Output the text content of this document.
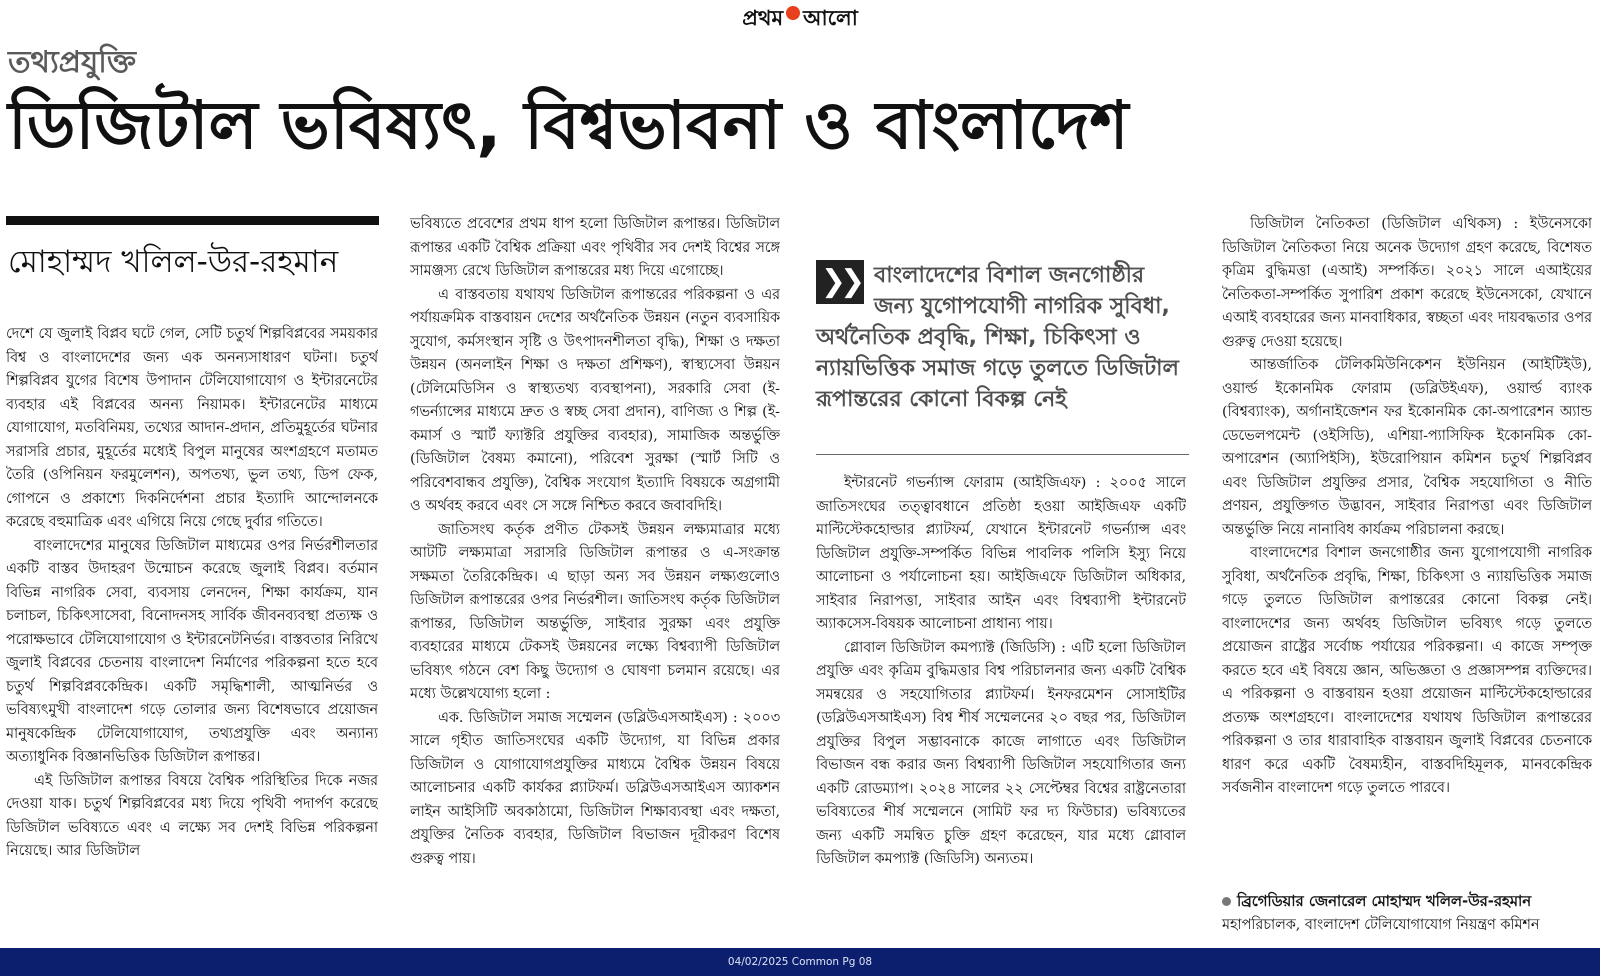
প্রথম আলো
তথ্যপ্রযুক্তি
ডিজিটাল ভবিষ্যৎ, বিশ্বভাবনা ও বাংলাদেশ
মোহাম্মদ খলিল-উর-রহমান

দেশে যে জুলাই বিপ্লব ঘটে গেল, সেটি চতুর্থ শিল্পবিপ্লবের সময়কার বিশ্ব ও বাংলাদেশের জন্য এক অনন্যসাধারণ ঘটনা। চতুর্থ শিল্পবিপ্লব যুগের বিশেষ উপাদান টেলিযোগাযোগ ও ইন্টারনেটের ব্যবহার এই বিপ্লবের অনন্য নিয়ামক। ইন্টারনেটের মাধ্যমে যোগাযোগ, মতবিনিময়, তথ্যের আদান-প্রদান, প্রতিমুহূর্তের ঘটনার সরাসরি প্রচার, মুহূর্তের মধ্যেই বিপুল মানুষের অংশগ্রহণে মতামত তৈরি (ওপিনিয়ন ফরমুলেশন), অপতথ্য, ভুল তথ্য, ডিপ ফেক, গোপনে ও প্রকাশ্যে দিকনির্দেশনা প্রচার ইত্যাদি আন্দোলনকে করেছে বহুমাত্রিক এবং এগিয়ে নিয়ে গেছে দুর্বার গতিতে।

বাংলাদেশের মানুষের ডিজিটাল মাধ্যমের ওপর নির্ভরশীলতার একটি বাস্তব উদাহরণ উন্মোচন করেছে জুলাই বিপ্লব। বর্তমান বিভিন্ন নাগরিক সেবা, ব্যবসায় লেনদেন, শিক্ষা কার্যক্রম, যান চলাচল, চিকিৎসাসেবা, বিনোদনসহ সার্বিক জীবনব্যবস্থা প্রত্যক্ষ ও পরোক্ষভাবে টেলিযোগাযোগ ও ইন্টারনেটনির্ভর। বাস্তবতার নিরিখে জুলাই বিপ্লবের চেতনায় বাংলাদেশ নির্মাণের পরিকল্পনা হতে হবে চতুর্থ শিল্পবিপ্লবকেন্দ্রিক। একটি সমৃদ্ধিশালী, আত্মনির্ভর ও ভবিষ্যৎমুখী বাংলাদেশ গড়ে তোলার জন্য বিশেষভাবে প্রয়োজন মানুষকেন্দ্রিক টেলিযোগাযোগ, তথ্যপ্রযুক্তি এবং অন্যান্য অত্যাধুনিক বিজ্ঞানভিত্তিক ডিজিটাল রূপান্তর।

এই ডিজিটাল রূপান্তর বিষয়ে বৈশ্বিক পরিস্থিতির দিকে নজর দেওয়া যাক। চতুর্থ শিল্পবিপ্লবের মধ্য দিয়ে পৃথিবী পদার্পণ করেছে ডিজিটাল ভবিষ্যতে এবং এ লক্ষ্যে সব দেশই বিভিন্ন পরিকল্পনা নিয়েছে। আর ডিজিটাল

ভবিষ্যতে প্রবেশের প্রথম ধাপ হলো ডিজিটাল রূপান্তর। ডিজিটাল রূপান্তর একটি বৈশ্বিক প্রক্রিয়া এবং পৃথিবীর সব দেশই বিশ্বের সঙ্গে সামঞ্জস্য রেখে ডিজিটাল রূপান্তরের মধ্য দিয়ে এগোচ্ছে।

এ বাস্তবতায় যথাযথ ডিজিটাল রূপান্তরের পরিকল্পনা ও এর পর্যায়ক্রমিক বাস্তবায়ন দেশের অর্থনৈতিক উন্নয়ন (নতুন ব্যবসায়িক সুযোগ, কর্মসংস্থান সৃষ্টি ও উৎপাদনশীলতা বৃদ্ধি), শিক্ষা ও দক্ষতা উন্নয়ন (অনলাইন শিক্ষা ও দক্ষতা প্রশিক্ষণ), স্বাস্থ্যসেবা উন্নয়ন (টেলিমেডিসিন ও স্বাস্থ্যতথ্য ব্যবস্থাপনা), সরকারি সেবা (ই-গভর্ন্যান্সের মাধ্যমে দ্রুত ও স্বচ্ছ সেবা প্রদান), বাণিজ্য ও শিল্প (ই-কমার্স ও স্মার্ট ফ্যাক্টরি প্রযুক্তির ব্যবহার), সামাজিক অন্তর্ভুক্তি (ডিজিটাল বৈষম্য কমানো), পরিবেশ সুরক্ষা (স্মার্ট সিটি ও পরিবেশবান্ধব প্রযুক্তি), বৈশ্বিক সংযোগ ইত্যাদি বিষয়কে অগ্রগামী ও অর্থবহ করবে এবং সে সঙ্গে নিশ্চিত করবে জবাবদিহি।

জাতিসংঘ কর্তৃক প্রণীত টেকসই উন্নয়ন লক্ষ্যমাত্রার মধ্যে আটটি লক্ষ্যমাত্রা সরাসরি ডিজিটাল রূপান্তর ও এ-সংক্রান্ত সক্ষমতা তৈরিকেন্দ্রিক। এ ছাড়া অন্য সব উন্নয়ন লক্ষ্যগুলোও ডিজিটাল রূপান্তরের ওপর নির্ভরশীল। জাতিসংঘ কর্তৃক ডিজিটাল রূপান্তর, ডিজিটাল অন্তর্ভুক্তি, সাইবার সুরক্ষা এবং প্রযুক্তি ব্যবহারের মাধ্যমে টেকসই উন্নয়নের লক্ষ্যে বিশ্বব্যাপী ডিজিটাল ভবিষ্যৎ গঠনে বেশ কিছু উদ্যোগ ও ঘোষণা চলমান রয়েছে। এর মধ্যে উল্লেখযোগ্য হলো :

এক. ডিজিটাল সমাজ সম্মেলন (ডব্লিউএসআইএস) : ২০০৩ সালে গৃহীত জাতিসংঘের একটি উদ্যোগ, যা বিভিন্ন প্রকার ডিজিটাল ও যোগাযোগপ্রযুক্তির মাধ্যমে বৈশ্বিক উন্নয়ন বিষয়ে আলোচনার একটি কার্যকর প্ল্যাটফর্ম। ডব্লিউএসআইএস অ্যাকশন লাইন আইসিটি অবকাঠামো, ডিজিটাল শিক্ষাব্যবস্থা এবং দক্ষতা, প্রযুক্তির নৈতিক ব্যবহার, ডিজিটাল বিভাজন দূরীকরণ বিশেষ গুরুত্ব পায়।

❯❯ বাংলাদেশের বিশাল জনগোষ্ঠীর জন্য যুগোপযোগী নাগরিক সুবিধা, অর্থনৈতিক প্রবৃদ্ধি, শিক্ষা, চিকিৎসা ও ন্যায়ভিত্তিক সমাজ গড়ে তুলতে ডিজিটাল রূপান্তরের কোনো বিকল্প নেই

ইন্টারনেট গভর্ন্যান্স ফোরাম (আইজিএফ) : ২০০৫ সালে জাতিসংঘের তত্ত্বাবধানে প্রতিষ্ঠা হওয়া আইজিএফ একটি মাল্টিস্টেকহোল্ডার প্ল্যাটফর্ম, যেখানে ইন্টারনেট গভর্ন্যান্স এবং ডিজিটাল প্রযুক্তি-সম্পর্কিত বিভিন্ন পাবলিক পলিসি ইস্যু নিয়ে আলোচনা ও পর্যালোচনা হয়। আইজিএফে ডিজিটাল অধিকার, সাইবার নিরাপত্তা, সাইবার আইন এবং বিশ্বব্যাপী ইন্টারনেট অ্যাকসেস-বিষয়ক আলোচনা প্রাধান্য পায়।

গ্লোবাল ডিজিটাল কমপ্যাক্ট (জিডিসি) : এটি হলো ডিজিটাল প্রযুক্তি এবং কৃত্রিম বুদ্ধিমত্তার বিশ্ব পরিচালনার জন্য একটি বৈশ্বিক সমন্বয়ের ও সহযোগিতার প্ল্যাটফর্ম। ইনফরমেশন সোসাইটির (ডব্লিউএসআইএস) বিশ্ব শীর্ষ সম্মেলনের ২০ বছর পর, ডিজিটাল প্রযুক্তির বিপুল সম্ভাবনাকে কাজে লাগাতে এবং ডিজিটাল বিভাজন বন্ধ করার জন্য বিশ্বব্যাপী ডিজিটাল সহযোগিতার জন্য একটি রোডম্যাপ। ২০২৪ সালের ২২ সেপ্টেম্বর বিশ্বের রাষ্ট্রনেতারা ভবিষ্যতের শীর্ষ সম্মেলনে (সামিট ফর দ্য ফিউচার) ভবিষ্যতের জন্য একটি সমন্বিত চুক্তি গ্রহণ করেছেন, যার মধ্যে গ্লোবাল ডিজিটাল কমপ্যাক্ট (জিডিসি) অন্যতম।

ডিজিটাল নৈতিকতা (ডিজিটাল এথিকস) : ইউনেসকো ডিজিটাল নৈতিকতা নিয়ে অনেক উদ্যোগ গ্রহণ করেছে, বিশেষত কৃত্রিম বুদ্ধিমত্তা (এআই) সম্পর্কিত। ২০২১ সালে এআইয়ের নৈতিকতা-সম্পর্কিত সুপারিশ প্রকাশ করেছে ইউনেসকো, যেখানে এআই ব্যবহারের জন্য মানবাধিকার, স্বচ্ছতা এবং দায়বদ্ধতার ওপর গুরুত্ব দেওয়া হয়েছে।

আন্তর্জাতিক টেলিকমিউনিকেশন ইউনিয়ন (আইটিইউ), ওয়ার্ল্ড ইকোনমিক ফোরাম (ডব্লিউইএফ), ওয়ার্ল্ড ব্যাংক (বিশ্বব্যাংক), অর্গানাইজেশন ফর ইকোনমিক কো-অপারেশন অ্যান্ড ডেভেলপমেন্ট (ওইসিডি), এশিয়া-প্যাসিফিক ইকোনমিক কো-অপারেশন (অ্যাপিইসি), ইউরোপিয়ান কমিশন চতুর্থ শিল্পবিপ্লব এবং ডিজিটাল প্রযুক্তির প্রসার, বৈশ্বিক সহযোগিতা ও নীতি প্রণয়ন, প্রযুক্তিগত উদ্ভাবন, সাইবার নিরাপত্তা এবং ডিজিটাল অন্তর্ভুক্তি নিয়ে নানাবিধ কার্যক্রম পরিচালনা করছে।

বাংলাদেশের বিশাল জনগোষ্ঠীর জন্য যুগোপযোগী নাগরিক সুবিধা, অর্থনৈতিক প্রবৃদ্ধি, শিক্ষা, চিকিৎসা ও ন্যায়ভিত্তিক সমাজ গড়ে তুলতে ডিজিটাল রূপান্তরের কোনো বিকল্প নেই। বাংলাদেশের জন্য অর্থবহ ডিজিটাল ভবিষ্যৎ গড়ে তুলতে প্রয়োজন রাষ্ট্রের সর্বোচ্চ পর্যায়ের পরিকল্পনা। এ কাজে সম্পৃক্ত করতে হবে এই বিষয়ে জ্ঞান, অভিজ্ঞতা ও প্রজ্ঞাসম্পন্ন ব্যক্তিদের। এ পরিকল্পনা ও বাস্তবায়ন হওয়া প্রয়োজন মাল্টিস্টেকহোল্ডারের প্রত্যক্ষ অংশগ্রহণে। বাংলাদেশের যথাযথ ডিজিটাল রূপান্তরের পরিকল্পনা ও তার ধারাবাহিক বাস্তবায়ন জুলাই বিপ্লবের চেতনাকে ধারণ করে একটি বৈষম্যহীন, বাস্তবদিহিমূলক, মানবকেন্দ্রিক সর্বজনীন বাংলাদেশ গড়ে তুলতে পারবে।

ব্রিগেডিয়ার জেনারেল মোহাম্মদ খলিল-উর-রহমান
মহাপরিচালক, বাংলাদেশ টেলিযোগাযোগ নিয়ন্ত্রণ কমিশন
04/02/2025 Common Pg 08
